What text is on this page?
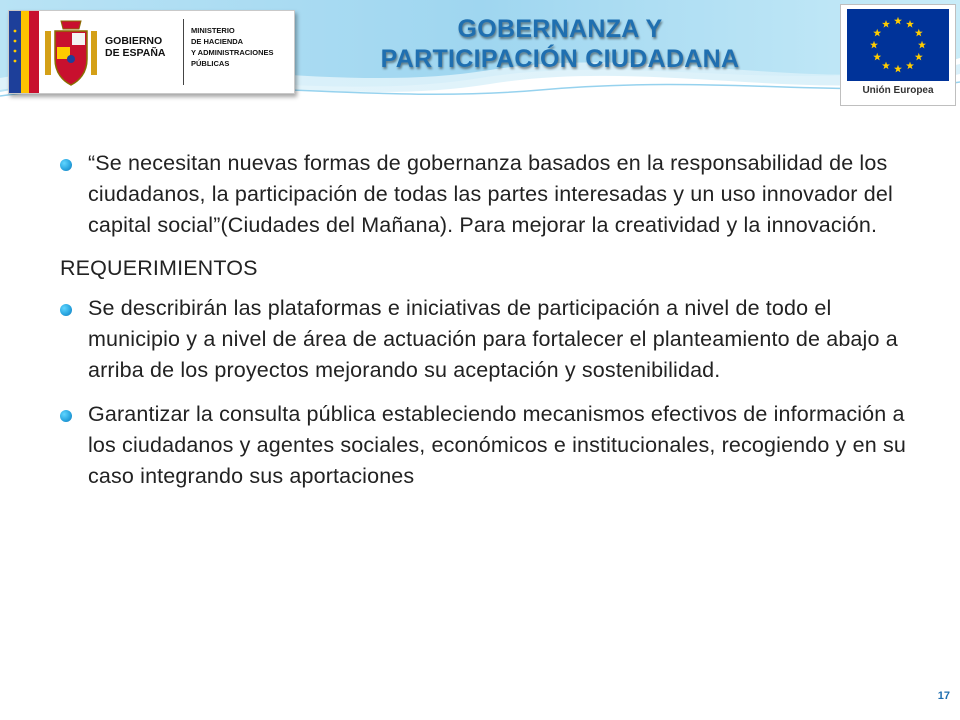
GOBIERNO
DE ESPAÑA
MINISTERIO
DE HACIENDA
Y ADMINISTRACIONES
PÚBLICAS
GOBERNANZA Y
PARTICIPACIÓN CIUDADANA
Unión Europea
“Se necesitan nuevas formas de gobernanza basados en la responsabilidad de los ciudadanos, la participación de todas las partes interesadas y un uso innovador del capital social”(Ciudades del Mañana). Para mejorar la creatividad y la innovación.
REQUERIMIENTOS
Se describirán las plataformas e iniciativas de participación a nivel de todo el municipio y a nivel de área de actuación para fortalecer el planteamiento de abajo a arriba de los proyectos mejorando su aceptación y sostenibilidad.
Garantizar la consulta pública estableciendo mecanismos efectivos de información a los ciudadanos y agentes sociales, económicos e institucionales, recogiendo y en su caso integrando sus aportaciones
17
